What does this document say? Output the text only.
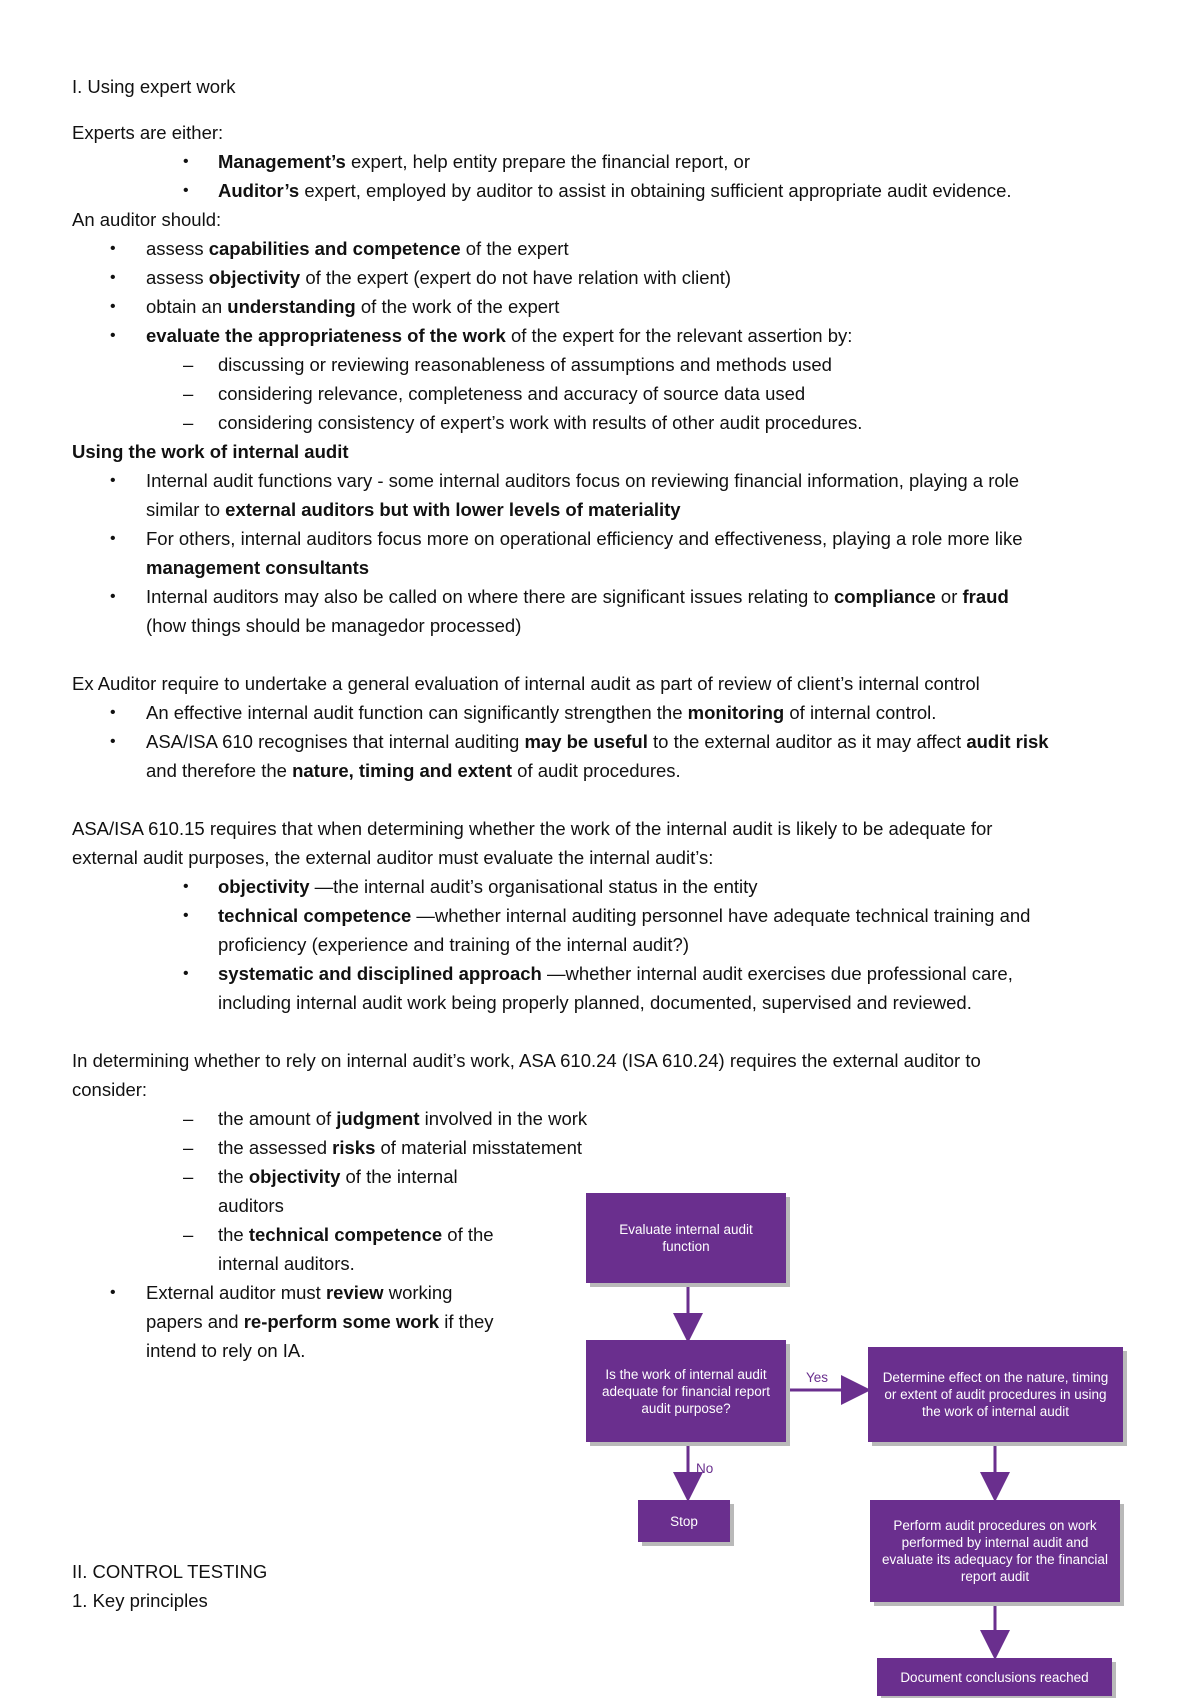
I. Using expert work
Experts are either:
• Management’s expert, help entity prepare the financial report, or
• Auditor’s expert, employed by auditor to assist in obtaining sufficient appropriate audit evidence.
An auditor should:
• assess capabilities and competence of the expert
• assess objectivity of the expert (expert do not have relation with client)
• obtain an understanding of the work of the expert
• evaluate the appropriateness of the work of the expert for the relevant assertion by:
– discussing or reviewing reasonableness of assumptions and methods used
– considering relevance, completeness and accuracy of source data used
– considering consistency of expert’s work with results of other audit procedures.
Using the work of internal audit
• Internal audit functions vary - some internal auditors focus on reviewing financial information, playing a role
similar to external auditors but with lower levels of materiality
• For others, internal auditors focus more on operational efficiency and effectiveness, playing a role more like
management consultants
• Internal auditors may also be called on where there are significant issues relating to compliance or fraud
(how things should be managedor processed)
Ex Auditor require to undertake a general evaluation of internal audit as part of review of client’s internal control
• An effective internal audit function can significantly strengthen the monitoring of internal control.
• ASA/ISA 610 recognises that internal auditing may be useful to the external auditor as it may affect audit risk
and therefore the nature, timing and extent of audit procedures.
ASA/ISA 610.15 requires that when determining whether the work of the internal audit is likely to be adequate for
external audit purposes, the external auditor must evaluate the internal audit’s:
• objectivity —the internal audit’s organisational status in the entity
• technical competence —whether internal auditing personnel have adequate technical training and
proficiency (experience and training of the internal audit?)
• systematic and disciplined approach —whether internal audit exercises due professional care,
including internal audit work being properly planned, documented, supervised and reviewed.
In determining whether to rely on internal audit’s work, ASA 610.24 (ISA 610.24) requires the external auditor to
consider:
– the amount of judgment involved in the work
– the assessed risks of material misstatement
– the objectivity of the internal
auditors
– the technical competence of the
internal auditors.
• External auditor must review working
papers and re-perform some work if they
intend to rely on IA.
II. CONTROL TESTING
1. Key principles
Evaluate internal audit function
Is the work of internal audit adequate for financial report audit purpose?
Yes
No
Determine effect on the nature, timing or extent of audit procedures in using the work of internal audit
Stop	Perform audit procedures on work performed by internal audit and evaluate its adequacy for the financial report audit
Document conclusions reached
